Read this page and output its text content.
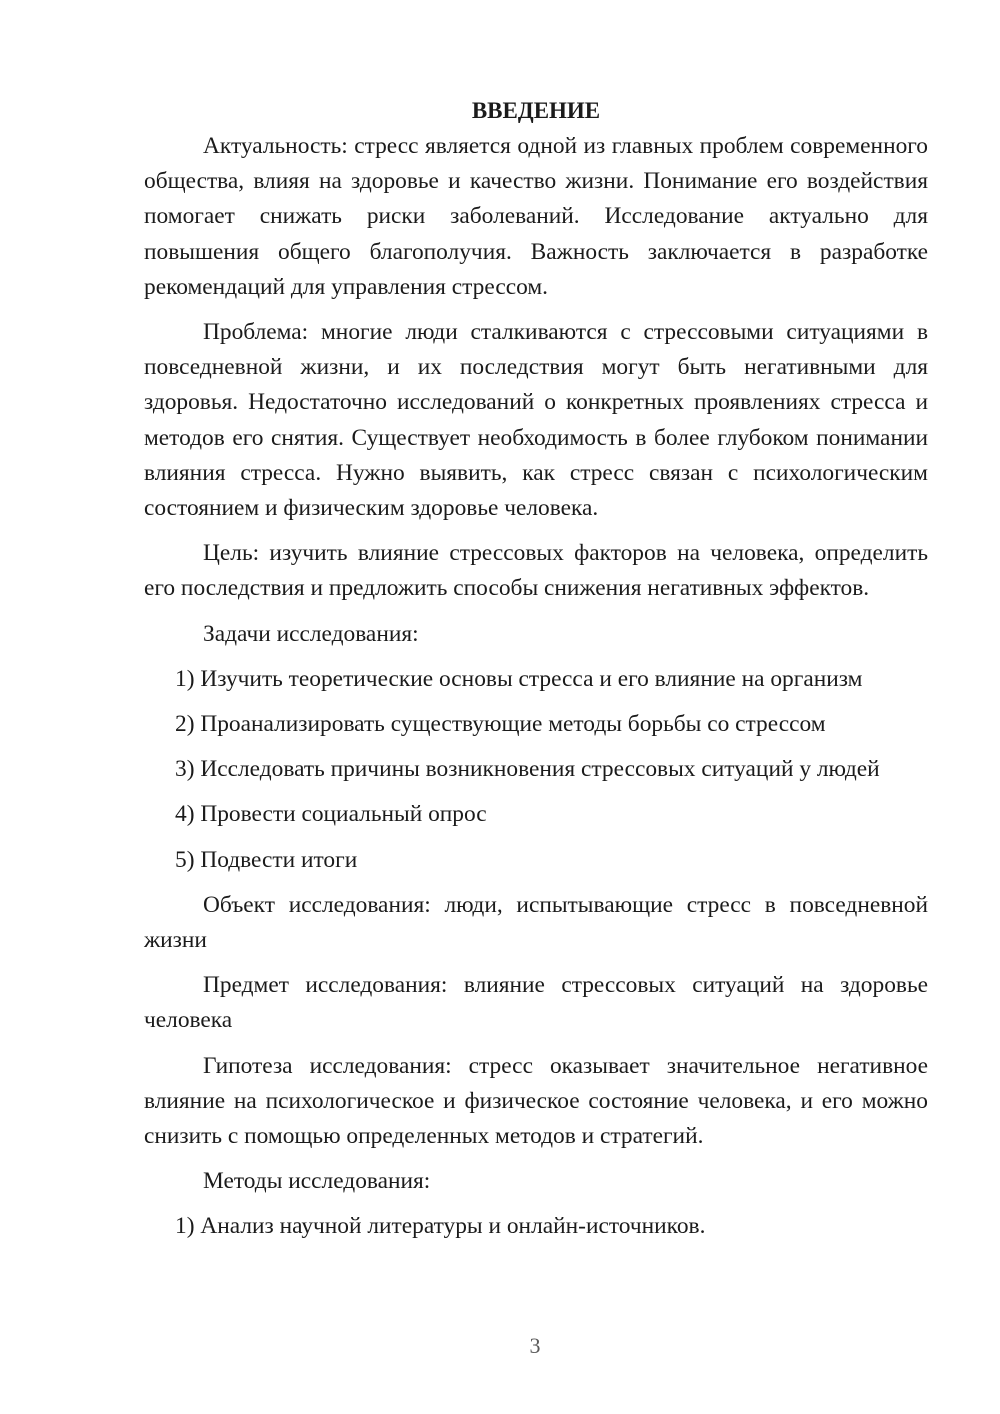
ВВЕДЕНИЕ

Актуальность: стресс является одной из главных проблем современного общества, влияя на здоровье и качество жизни. Понимание его воздействия помогает снижать риски заболеваний. Исследование актуально для повышения общего благополучия. Важность заключается в разработке рекомендаций для управления стрессом.

Проблема: многие люди сталкиваются с стрессовыми ситуациями в повседневной жизни, и их последствия могут быть негативными для здоровья. Недостаточно исследований о конкретных проявлениях стресса и методов его снятия. Существует необходимость в более глубоком понимании влияния стресса. Нужно выявить, как стресс связан с психологическим состоянием и физическим здоровье человека.

Цель: изучить влияние стрессовых факторов на человека, определить его последствия и предложить способы снижения негативных эффектов.

Задачи исследования:

1) Изучить теоретические основы стресса и его влияние на организм

2) Проанализировать существующие методы борьбы со стрессом

3) Исследовать причины возникновения стрессовых ситуаций у людей

4) Провести социальный опрос

5) Подвести итоги

Объект исследования: люди, испытывающие стресс в повседневной жизни

Предмет исследования: влияние стрессовых ситуаций на здоровье человека

Гипотеза исследования: стресс оказывает значительное негативное влияние на психологическое и физическое состояние человека, и его можно снизить с помощью определенных методов и стратегий.

Методы исследования:

1) Анализ научной литературы и онлайн-источников.

3
